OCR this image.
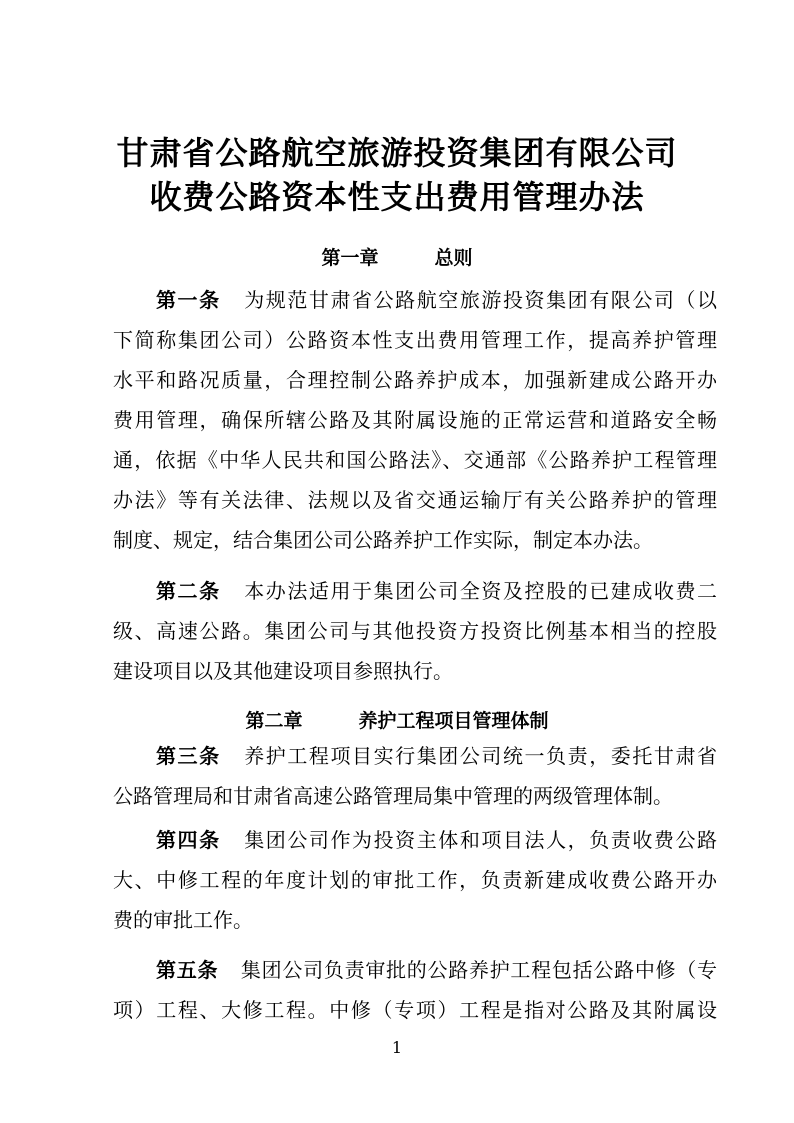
甘肃省公路航空旅游投资集团有限公司
收费公路资本性支出费用管理办法
第一章	总则
第一条 为规范甘肃省公路航空旅游投资集团有限公司（以
下简称集团公司）公路资本性支出费用管理工作，提高养护管理
水平和路况质量，合理控制公路养护成本，加强新建成公路开办
费用管理，确保所辖公路及其附属设施的正常运营和道路安全畅
通，依据《中华人民共和国公路法》、交通部《公路养护工程管理
办法》等有关法律、法规以及省交通运输厅有关公路养护的管理
制度、规定，结合集团公司公路养护工作实际，制定本办法。
第二条 本办法适用于集团公司全资及控股的已建成收费二
级、高速公路。集团公司与其他投资方投资比例基本相当的控股
建设项目以及其他建设项目参照执行。
第二章	养护工程项目管理体制
第三条 养护工程项目实行集团公司统一负责，委托甘肃省
公路管理局和甘肃省高速公路管理局集中管理的两级管理体制。
第四条 集团公司作为投资主体和项目法人，负责收费公路
大、中修工程的年度计划的审批工作，负责新建成收费公路开办
费的审批工作。
第五条 集团公司负责审批的公路养护工程包括公路中修（专
项）工程、大修工程。中修（专项）工程是指对公路及其附属设
1
